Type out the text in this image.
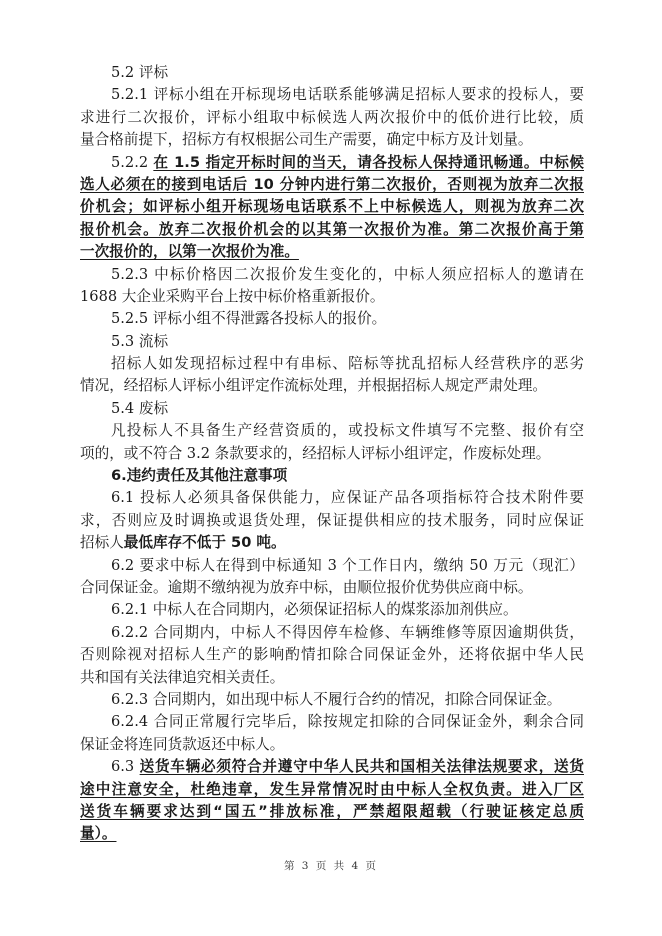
5.2 评标
5.2.1 评标小组在开标现场电话联系能够满足招标人要求的投标人，要
求进行二次报价，评标小组取中标候选人两次报价中的低价进行比较，质
量合格前提下，招标方有权根据公司生产需要，确定中标方及计划量。
5.2.2 在 1.5 指定开标时间的当天，请各投标人保持通讯畅通。中标候
选人必须在的接到电话后 10 分钟内进行第二次报价，否则视为放弃二次报
价机会；如评标小组开标现场电话联系不上中标候选人，则视为放弃二次
报价机会。放弃二次报价机会的以其第一次报价为准。第二次报价高于第
一次报价的，以第一次报价为准。
5.2.3 中标价格因二次报价发生变化的，中标人须应招标人的邀请在
1688 大企业采购平台上按中标价格重新报价。
5.2.5 评标小组不得泄露各投标人的报价。
5.3 流标
招标人如发现招标过程中有串标、陪标等扰乱招标人经营秩序的恶劣
情况，经招标人评标小组评定作流标处理，并根据招标人规定严肃处理。
5.4 废标
凡投标人不具备生产经营资质的，或投标文件填写不完整、报价有空
项的，或不符合 3.2 条款要求的，经招标人评标小组评定，作废标处理。
6.违约责任及其他注意事项
6.1 投标人必须具备保供能力，应保证产品各项指标符合技术附件要
求，否则应及时调换或退货处理，保证提供相应的技术服务，同时应保证
招标人最低库存不低于 50 吨。
6.2 要求中标人在得到中标通知 3 个工作日内，缴纳 50 万元（现汇）
合同保证金。逾期不缴纳视为放弃中标，由顺位报价优势供应商中标。
6.2.1 中标人在合同期内，必须保证招标人的煤浆添加剂供应。
6.2.2 合同期内，中标人不得因停车检修、车辆维修等原因逾期供货，
否则除视对招标人生产的影响酌情扣除合同保证金外，还将依据中华人民
共和国有关法律追究相关责任。
6.2.3 合同期内，如出现中标人不履行合约的情况，扣除合同保证金。
6.2.4 合同正常履行完毕后，除按规定扣除的合同保证金外，剩余合同
保证金将连同货款返还中标人。
6.3 送货车辆必须符合并遵守中华人民共和国相关法律法规要求，送货
途中注意安全，杜绝违章，发生异常情况时由中标人全权负责。进入厂区
送货车辆要求达到“国五”排放标准，严禁超限超载（行驶证核定总质
量）。
第 3 页 共 4 页
